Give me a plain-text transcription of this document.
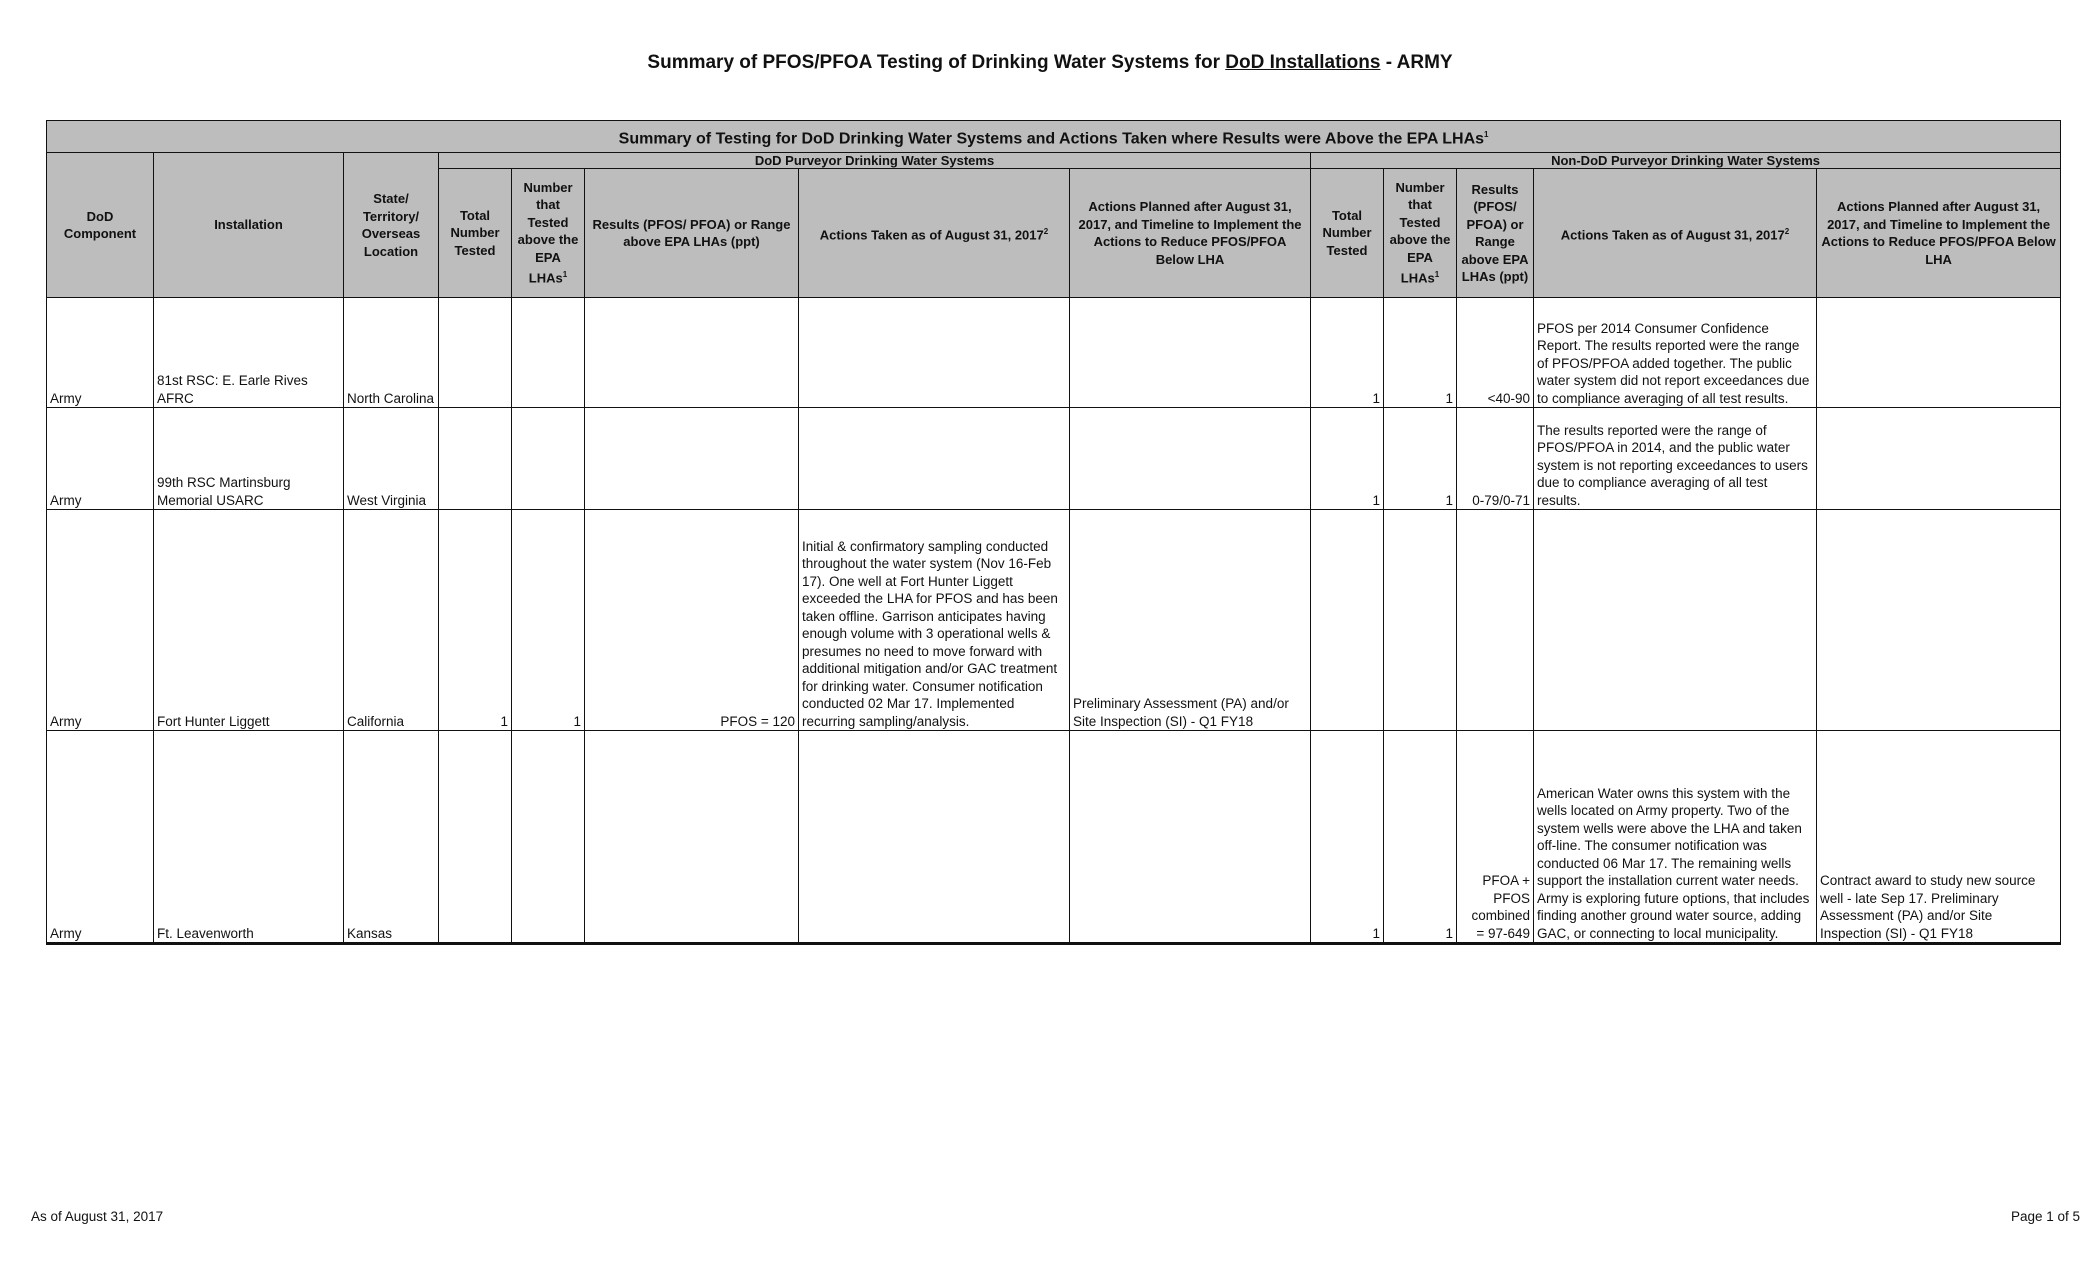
Summary of PFOS/PFOA Testing of Drinking Water Systems for DoD Installations - ARMY
Summary of Testing for DoD Drinking Water Systems and Actions Taken where Results were Above the EPA LHAs$^1$
DoD Component	Installation	State/ Territory/ Overseas Location	DoD Purveyor Drinking Water Systems					Non-DoD Purveyor Drinking Water Systems				
			Total Number Tested	Number that Tested above the EPA LHAs$^1$	Results (PFOS/ PFOA) or Range above EPA LHAs (ppt)	Actions Taken as of August 31, 2017$^2$	Actions Planned after August 31, 2017, and Timeline to Implement the Actions to Reduce PFOS/PFOA Below LHA	Total Number Tested	Number that Tested above the EPA LHAs$^1$	Results (PFOS/ PFOA) or Range above EPA LHAs (ppt)	Actions Taken as of August 31, 2017$^2$	Actions Planned after August 31, 2017, and Timeline to Implement the Actions to Reduce PFOS/PFOA Below LHA
Army	81st RSC: E. Earle Rives AFRC	North Carolina						1	1	<40-90	PFOS per 2014 Consumer Confidence Report. The results reported were the range of PFOS/PFOA added together. The public water system did not report exceedances due to compliance averaging of all test results.	
Army	99th RSC Martinsburg Memorial USARC	West Virginia						1	1	0-79/0-71	The results reported were the range of PFOS/PFOA in 2014, and the public water system is not reporting exceedances to users due to compliance averaging of all test results.	
Army	Fort Hunter Liggett	California	1	1	PFOS = 120	Initial & confirmatory sampling conducted throughout the water system (Nov 16-Feb 17). One well at Fort Hunter Liggett exceeded the LHA for PFOS and has been taken offline. Garrison anticipates having enough volume with 3 operational wells & presumes no need to move forward with additional mitigation and/or GAC treatment for drinking water. Consumer notification conducted 02 Mar 17. Implemented recurring sampling/analysis.	Preliminary Assessment (PA) and/or Site Inspection (SI) - Q1 FY18					
Army	Ft. Leavenworth	Kansas						1	1	PFOA + PFOS combined = 97-649	American Water owns this system with the wells located on Army property. Two of the system wells were above the LHA and taken off-line. The consumer notification was conducted 06 Mar 17. The remaining wells support the installation current water needs. Army is exploring future options, that includes finding another ground water source, adding GAC, or connecting to local municipality.	Contract award to study new source well - late Sep 17. Preliminary Assessment (PA) and/or Site Inspection (SI) - Q1 FY18
As of August 31, 2017	Page 1 of 5
